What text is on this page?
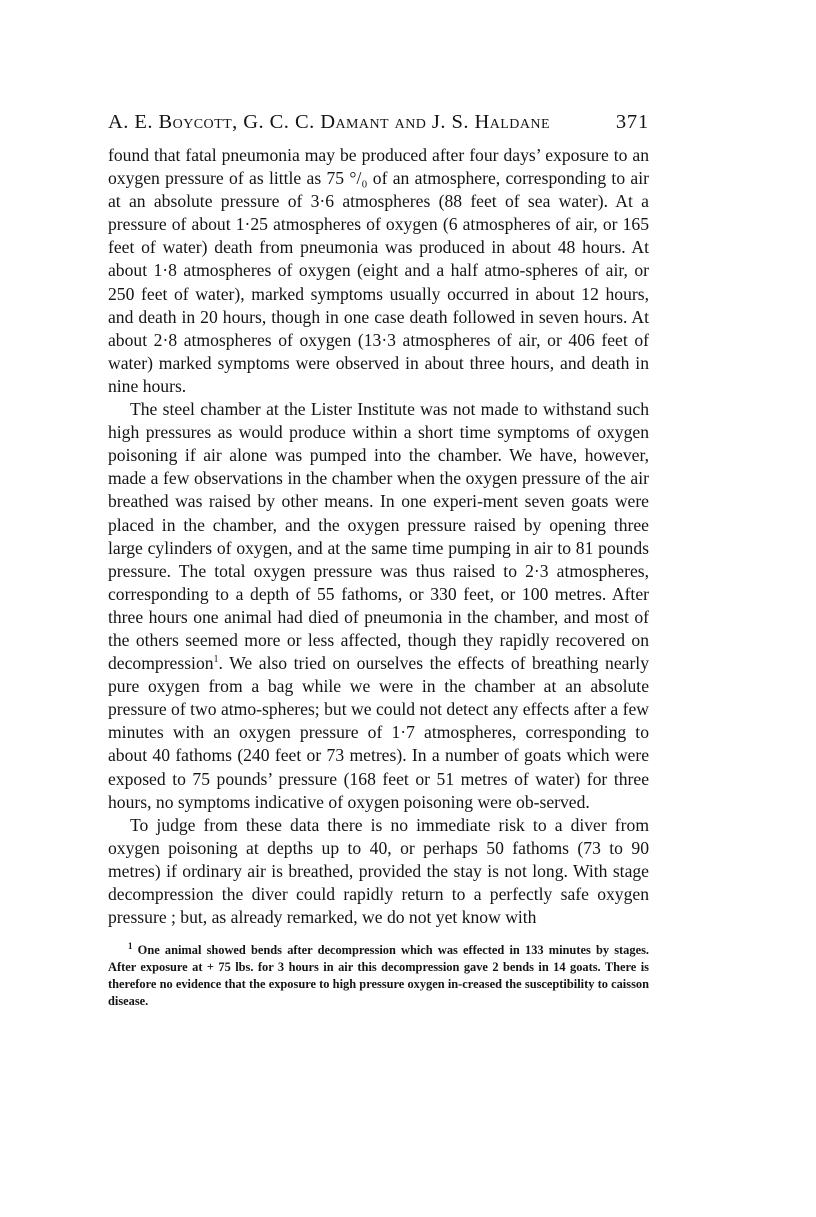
A. E. Boycott, G. C. C. Damant and J. S. Haldane	371

found that fatal pneumonia may be produced after four days’ exposure to an oxygen pressure of as little as 75 °/₀ of an atmosphere, corresponding to air at an absolute pressure of 3·6 atmospheres (88 feet of sea water). At a pressure of about 1·25 atmospheres of oxygen (6 atmospheres of air, or 165 feet of water) death from pneumonia was produced in about 48 hours. At about 1·8 atmospheres of oxygen (eight and a half atmo-spheres of air, or 250 feet of water), marked symptoms usually occurred in about 12 hours, and death in 20 hours, though in one case death followed in seven hours. At about 2·8 atmospheres of oxygen (13·3 atmospheres of air, or 406 feet of water) marked symptoms were observed in about three hours, and death in nine hours.

The steel chamber at the Lister Institute was not made to withstand such high pressures as would produce within a short time symptoms of oxygen poisoning if air alone was pumped into the chamber. We have, however, made a few observations in the chamber when the oxygen pressure of the air breathed was raised by other means. In one experi-ment seven goats were placed in the chamber, and the oxygen pressure raised by opening three large cylinders of oxygen, and at the same time pumping in air to 81 pounds pressure. The total oxygen pressure was thus raised to 2·3 atmospheres, corresponding to a depth of 55 fathoms, or 330 feet, or 100 metres. After three hours one animal had died of pneumonia in the chamber, and most of the others seemed more or less affected, though they rapidly recovered on decompression$^1$. We also tried on ourselves the effects of breathing nearly pure oxygen from a bag while we were in the chamber at an absolute pressure of two atmo-spheres; but we could not detect any effects after a few minutes with an oxygen pressure of 1·7 atmospheres, corresponding to about 40 fathoms (240 feet or 73 metres). In a number of goats which were exposed to 75 pounds’ pressure (168 feet or 51 metres of water) for three hours, no symptoms indicative of oxygen poisoning were ob-served.

To judge from these data there is no immediate risk to a diver from oxygen poisoning at depths up to 40, or perhaps 50 fathoms (73 to 90 metres) if ordinary air is breathed, provided the stay is not long. With stage decompression the diver could rapidly return to a perfectly safe oxygen pressure ; but, as already remarked, we do not yet know with

$^1$ One animal showed bends after decompression which was effected in 133 minutes by stages. After exposure at + 75 lbs. for 3 hours in air this decompression gave 2 bends in 14 goats. There is therefore no evidence that the exposure to high pressure oxygen in-creased the susceptibility to caisson disease.
